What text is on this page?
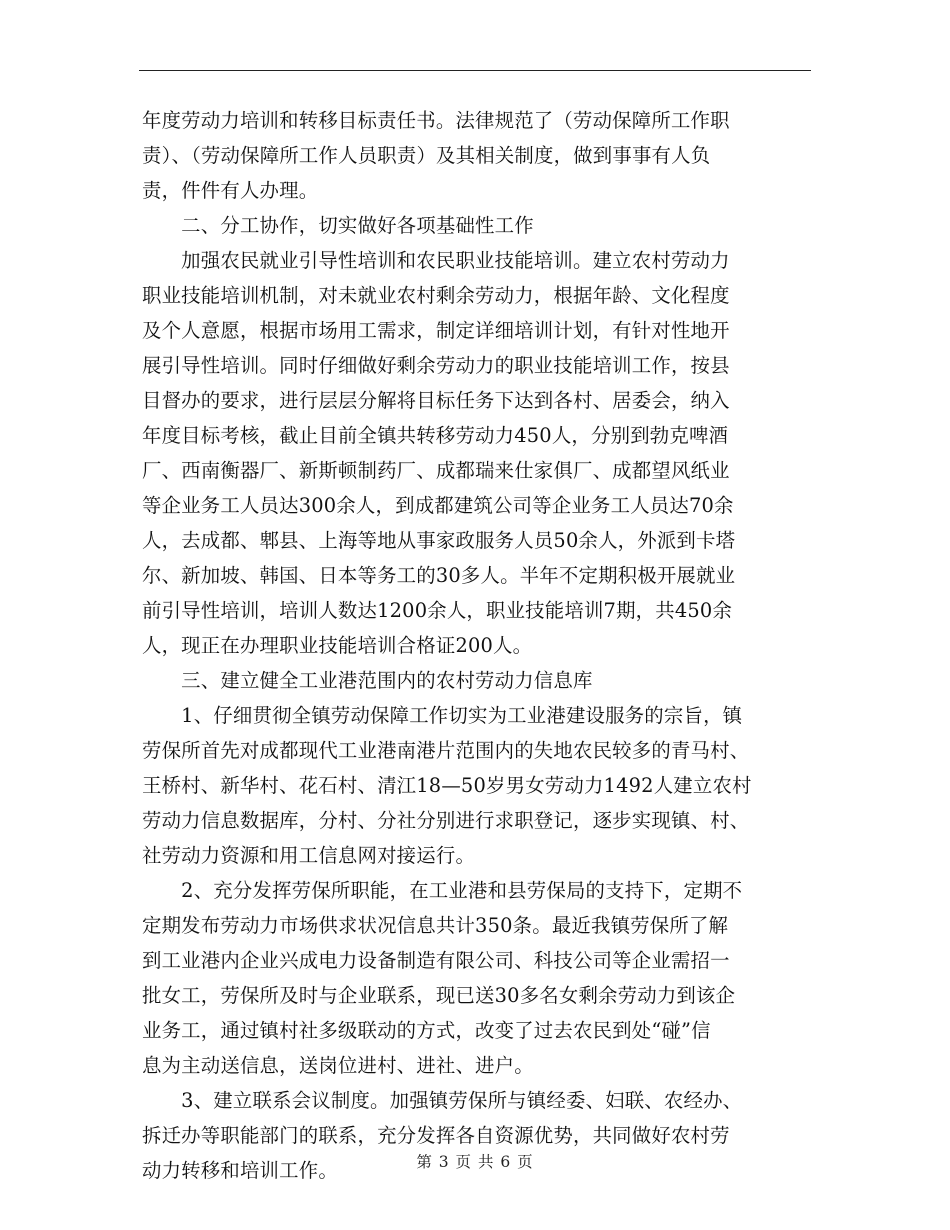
年度劳动力培训和转移目标责任书。法律规范了（劳动保障所工作职
责）、（劳动保障所工作人员职责）及其相关制度，做到事事有人负
责，件件有人办理。
　　二、分工协作，切实做好各项基础性工作
　　加强农民就业引导性培训和农民职业技能培训。建立农村劳动力
职业技能培训机制，对未就业农村剩余劳动力，根据年龄、文化程度
及个人意愿，根据市场用工需求，制定详细培训计划，有针对性地开
展引导性培训。同时仔细做好剩余劳动力的职业技能培训工作，按县
目督办的要求，进行层层分解将目标任务下达到各村、居委会，纳入
年度目标考核，截止目前全镇共转移劳动力450人，分别到勃克啤酒
厂、西南衡器厂、新斯顿制药厂、成都瑞来仕家俱厂、成都望风纸业
等企业务工人员达300余人，到成都建筑公司等企业务工人员达70余
人，去成都、郫县、上海等地从事家政服务人员50余人，外派到卡塔
尔、新加坡、韩国、日本等务工的30多人。半年不定期积极开展就业
前引导性培训，培训人数达1200余人，职业技能培训7期，共450余
人，现正在办理职业技能培训合格证200人。
　　三、建立健全工业港范围内的农村劳动力信息库
　　1、仔细贯彻全镇劳动保障工作切实为工业港建设服务的宗旨，镇
劳保所首先对成都现代工业港南港片范围内的失地农民较多的青马村、
王桥村、新华村、花石村、清江18—50岁男女劳动力1492人建立农村
劳动力信息数据库，分村、分社分别进行求职登记，逐步实现镇、村、
社劳动力资源和用工信息网对接运行。
　　2、充分发挥劳保所职能，在工业港和县劳保局的支持下，定期不
定期发布劳动力市场供求状况信息共计350条。最近我镇劳保所了解
到工业港内企业兴成电力设备制造有限公司、科技公司等企业需招一
批女工，劳保所及时与企业联系，现已送30多名女剩余劳动力到该企
业务工，通过镇村社多级联动的方式，改变了过去农民到处“碰”信
息为主动送信息，送岗位进村、进社、进户。
　　3、建立联系会议制度。加强镇劳保所与镇经委、妇联、农经办、
拆迁办等职能部门的联系，充分发挥各自资源优势，共同做好农村劳
动力转移和培训工作。	第 3 页 共 6 页
